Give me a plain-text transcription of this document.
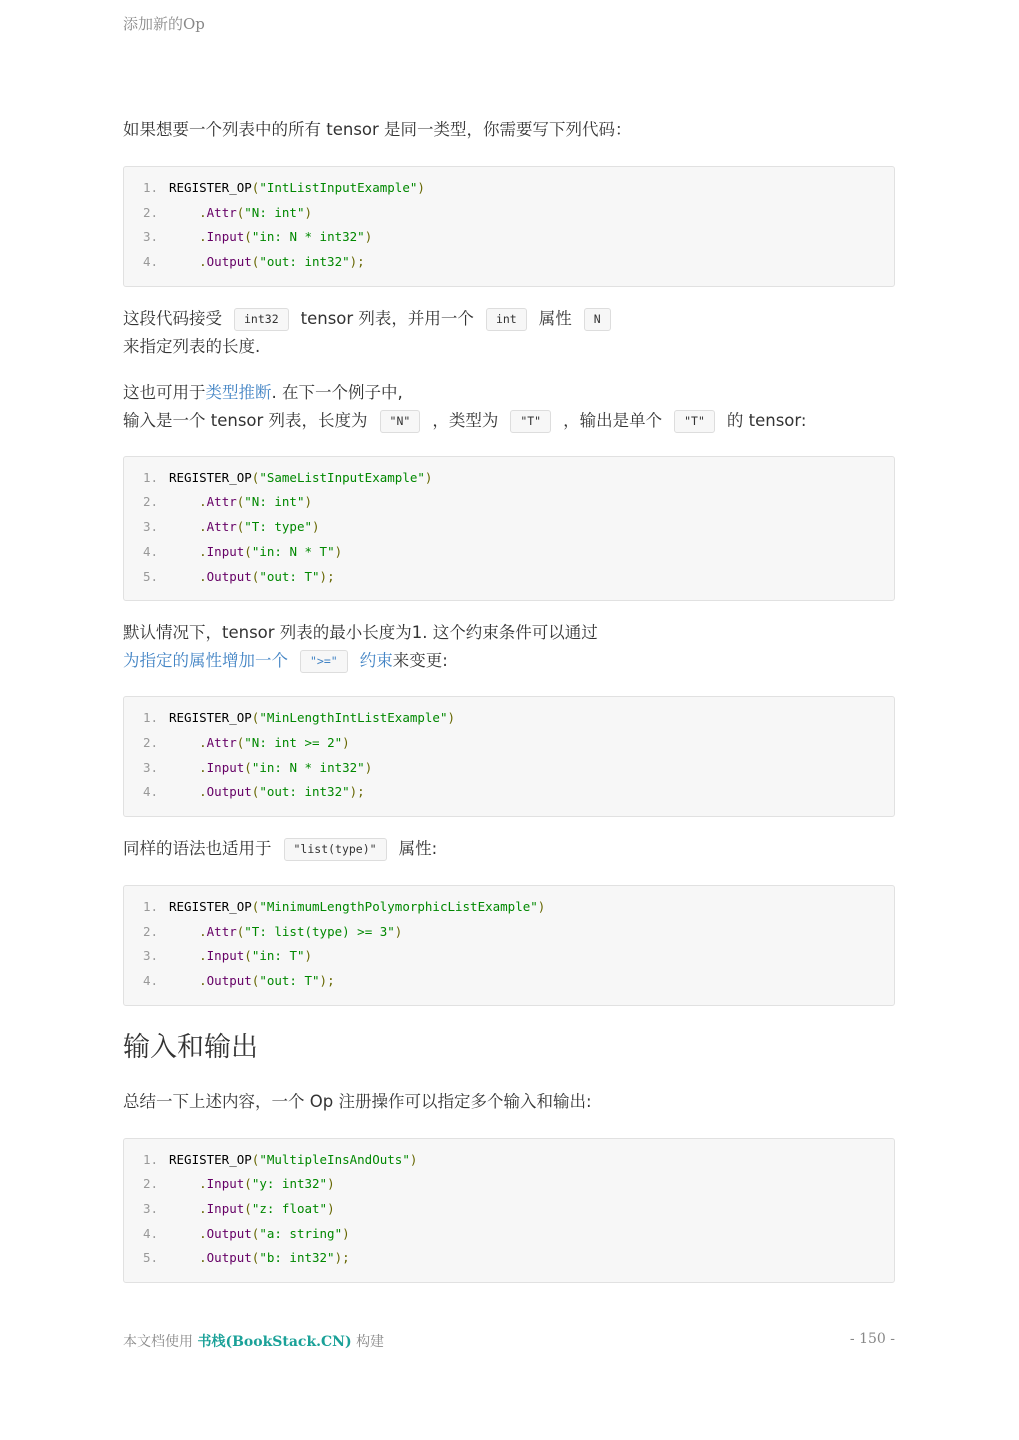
添加新的Op

如果想要一个列表中的所有 tensor 是同一类型，你需要写下列代码：

1. REGISTER_OP("IntListInputExample")
2.    .Attr("N: int")
3.    .Input("in: N * int32")
4.    .Output("out: int32");

这段代码接受 int32 tensor 列表，并用一个 int 属性 N
来指定列表的长度.

这也可用于类型推断. 在下一个例子中,
输入是一个 tensor 列表，长度为 "N" ，类型为 "T" ，输出是单个 "T" 的 tensor:

1. REGISTER_OP("SameListInputExample")
2.    .Attr("N: int")
3.    .Attr("T: type")
4.    .Input("in: N * T")
5.    .Output("out: T");

默认情况下，tensor 列表的最小长度为1. 这个约束条件可以通过
为指定的属性增加一个 ">=" 约束来变更:

1. REGISTER_OP("MinLengthIntListExample")
2.    .Attr("N: int >= 2")
3.    .Input("in: N * int32")
4.    .Output("out: int32");

同样的语法也适用于 "list(type)" 属性:

1. REGISTER_OP("MinimumLengthPolymorphicListExample")
2.    .Attr("T: list(type) >= 3")
3.    .Input("in: T")
4.    .Output("out: T");
输入和输出

总结一下上述内容，一个 Op 注册操作可以指定多个输入和输出:

1. REGISTER_OP("MultipleInsAndOuts")
2.    .Input("y: int32")
3.    .Input("z: float")
4.    .Output("a: string")
5.    .Output("b: int32");
本文档使用 书栈(BookStack.CN) 构建	- 150 -
